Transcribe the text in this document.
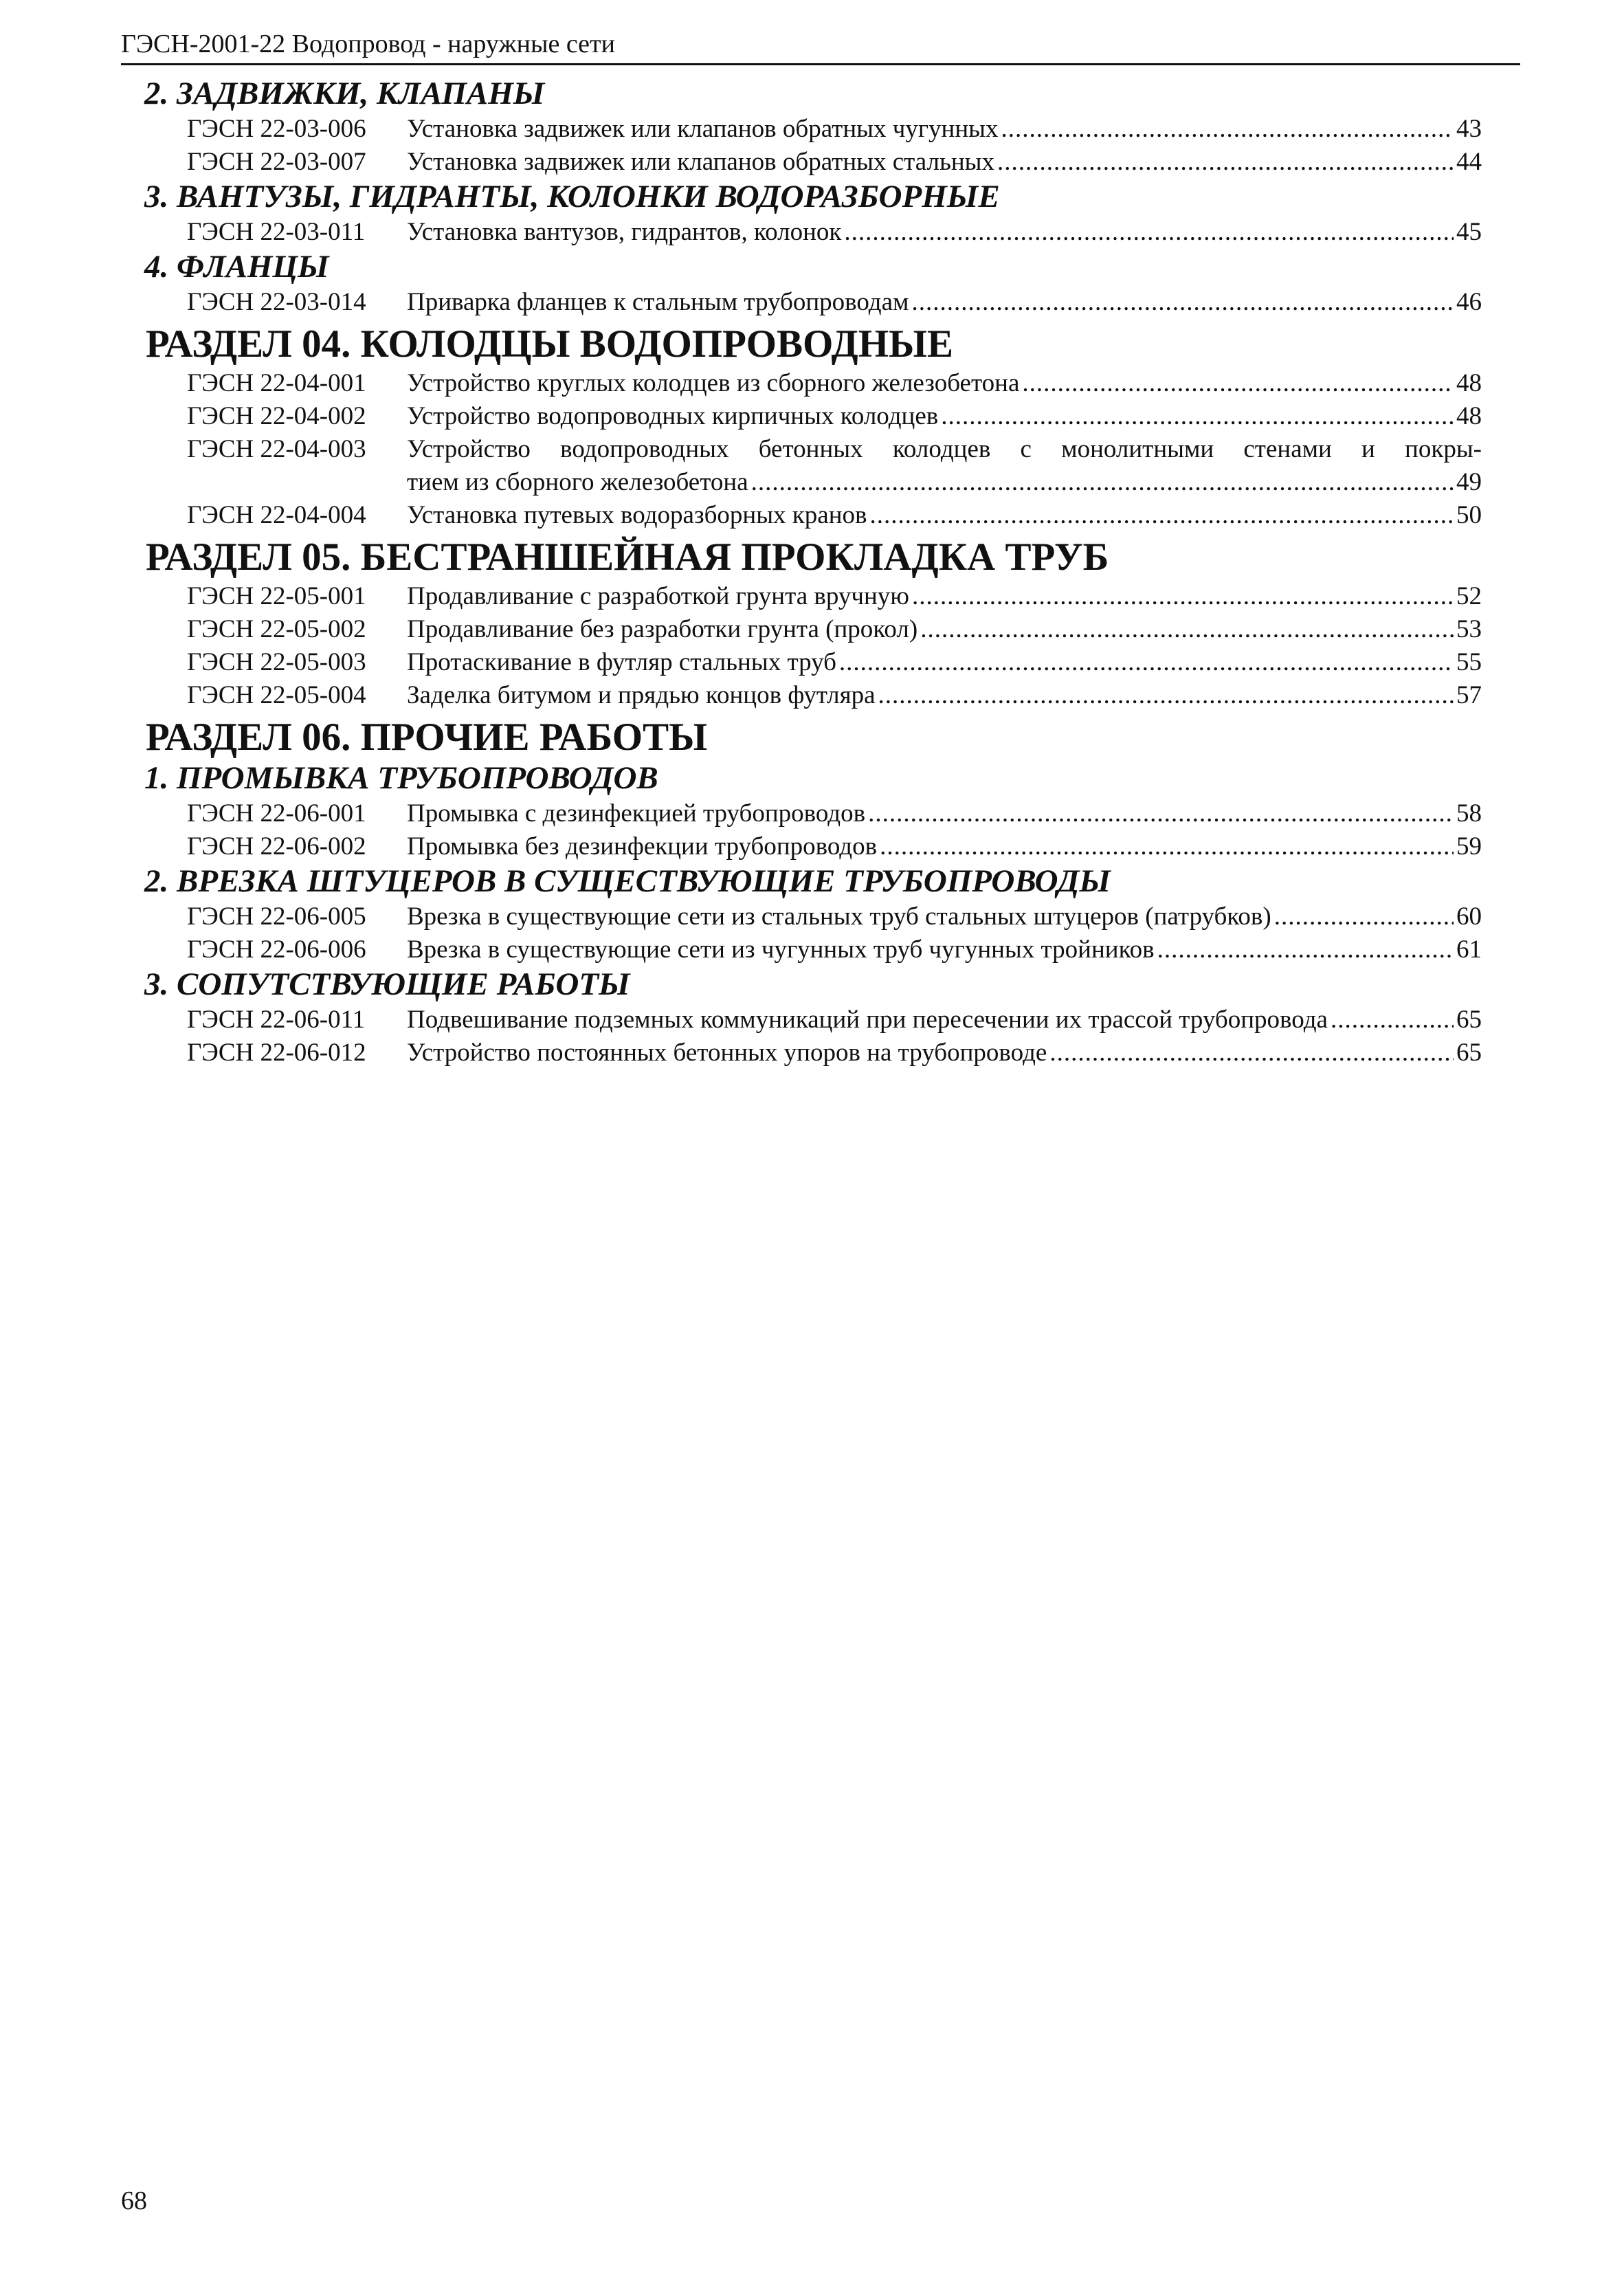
ГЭСН-2001-22 Водопровод - наружные сети
2. ЗАДВИЖКИ, КЛАПАНЫ
ГЭСН 22-03-006	Установка задвижек или клапанов обратных чугунных .....	43
ГЭСН 22-03-007	Установка задвижек или клапанов обратных стальных .....	44
3. ВАНТУЗЫ, ГИДРАНТЫ, КОЛОНКИ ВОДОРАЗБОРНЫЕ
ГЭСН 22-03-011	Установка вантузов, гидрантов, колонок .....	45
4. ФЛАНЦЫ
ГЭСН 22-03-014	Приварка фланцев к стальным трубопроводам .....	46
РАЗДЕЛ 04. КОЛОДЦЫ ВОДОПРОВОДНЫЕ
ГЭСН 22-04-001	Устройство круглых колодцев из сборного железобетона .....	48
ГЭСН 22-04-002	Устройство водопроводных кирпичных колодцев .....	48
ГЭСН 22-04-003	Устройство водопроводных бетонных колодцев с монолитными стенами и покры-
тием из сборного железобетона .....	49
ГЭСН 22-04-004	Установка путевых водоразборных кранов .....	50
РАЗДЕЛ 05. БЕСТРАНШЕЙНАЯ ПРОКЛАДКА ТРУБ
ГЭСН 22-05-001	Продавливание с разработкой грунта вручную .....	52
ГЭСН 22-05-002	Продавливание без разработки грунта (прокол) .....	53
ГЭСН 22-05-003	Протаскивание в футляр стальных труб .....	55
ГЭСН 22-05-004	Заделка битумом и прядью концов футляра .....	57
РАЗДЕЛ 06. ПРОЧИЕ РАБОТЫ
1. ПРОМЫВКА ТРУБОПРОВОДОВ
ГЭСН 22-06-001	Промывка с дезинфекцией трубопроводов .....	58
ГЭСН 22-06-002	Промывка без дезинфекции трубопроводов .....	59
2. ВРЕЗКА ШТУЦЕРОВ В СУЩЕСТВУЮЩИЕ ТРУБОПРОВОДЫ
ГЭСН 22-06-005	Врезка в существующие сети из стальных труб стальных штуцеров (патрубков) .....	60
ГЭСН 22-06-006	Врезка в существующие сети из чугунных труб чугунных тройников .....	61
3. СОПУТСТВУЮЩИЕ РАБОТЫ
ГЭСН 22-06-011	Подвешивание подземных коммуникаций при пересечении их трассой трубопровода .....	65
ГЭСН 22-06-012	Устройство постоянных бетонных упоров на трубопроводе .....	65
68
